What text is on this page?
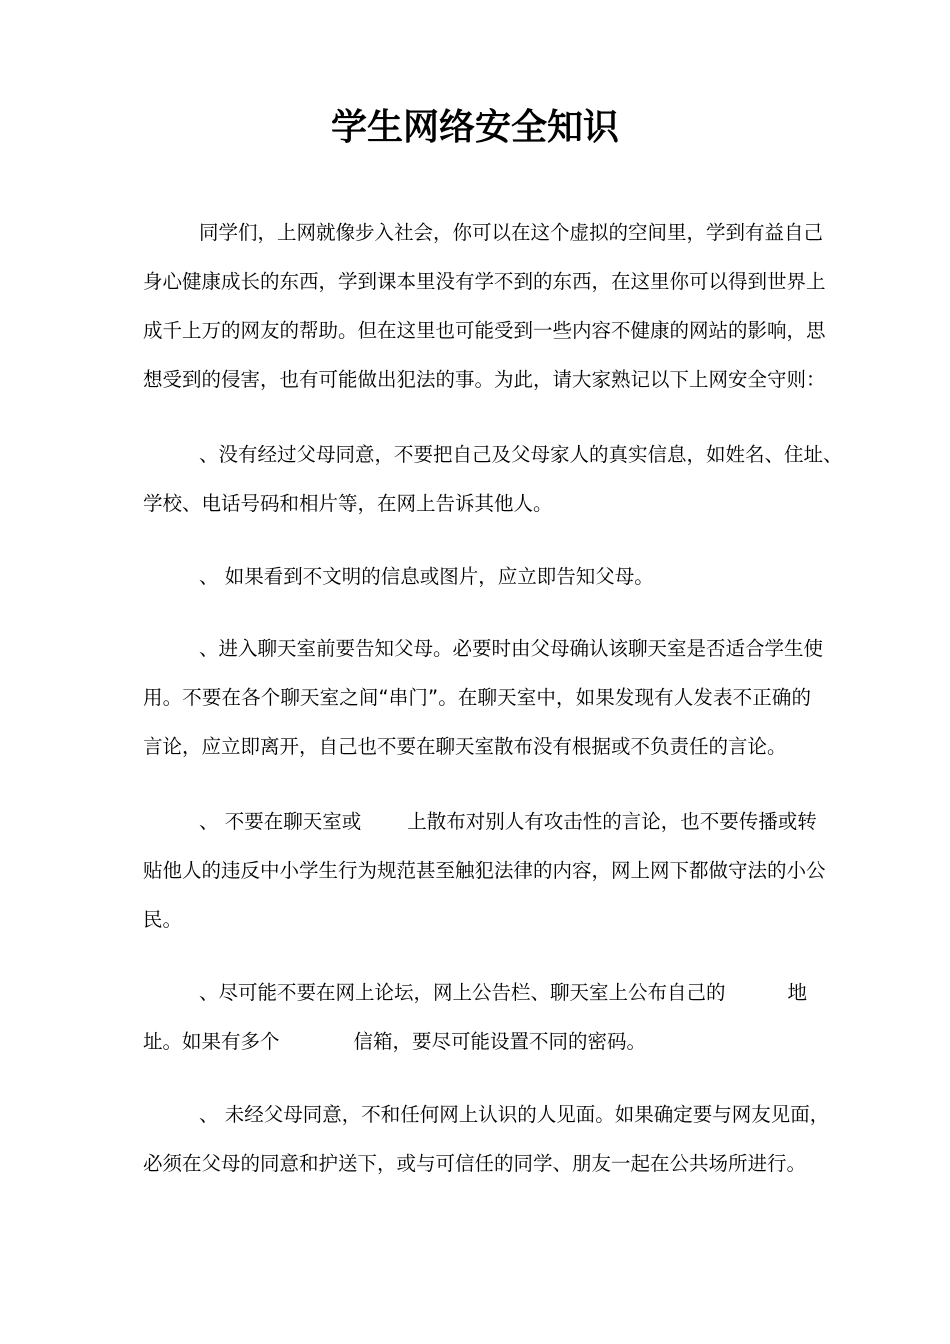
学生网络安全知识
同学们，上网就像步入社会，你可以在这个虚拟的空间里，学到有益自己
身心健康成长的东西，学到课本里没有学不到的东西，在这里你可以得到世界上
成千上万的网友的帮助。但在这里也可能受到一些内容不健康的网站的影响，思
想受到的侵害，也有可能做出犯法的事。为此，请大家熟记以下上网安全守则：
、没有经过父母同意，不要把自己及父母家人的真实信息，如姓名、住址、
学校、电话号码和相片等，在网上告诉其他人。
、 如果看到不文明的信息或图片，应立即告知父母。
、进入聊天室前要告知父母。必要时由父母确认该聊天室是否适合学生使
用。不要在各个聊天室之间“串门”。在聊天室中，如果发现有人发表不正确的
言论，应立即离开，自己也不要在聊天室散布没有根据或不负责任的言论。
、 不要在聊天室或 上散布对别人有攻击性的言论，也不要传播或转
贴他人的违反中小学生行为规范甚至触犯法律的内容，网上网下都做守法的小公
民。
、尽可能不要在网上论坛，网上公告栏、聊天室上公布自己的	地
址。如果有多个	信箱，要尽可能设置不同的密码。
、 未经父母同意，不和任何网上认识的人见面。如果确定要与网友见面，
必须在父母的同意和护送下，或与可信任的同学、朋友一起在公共场所进行。
